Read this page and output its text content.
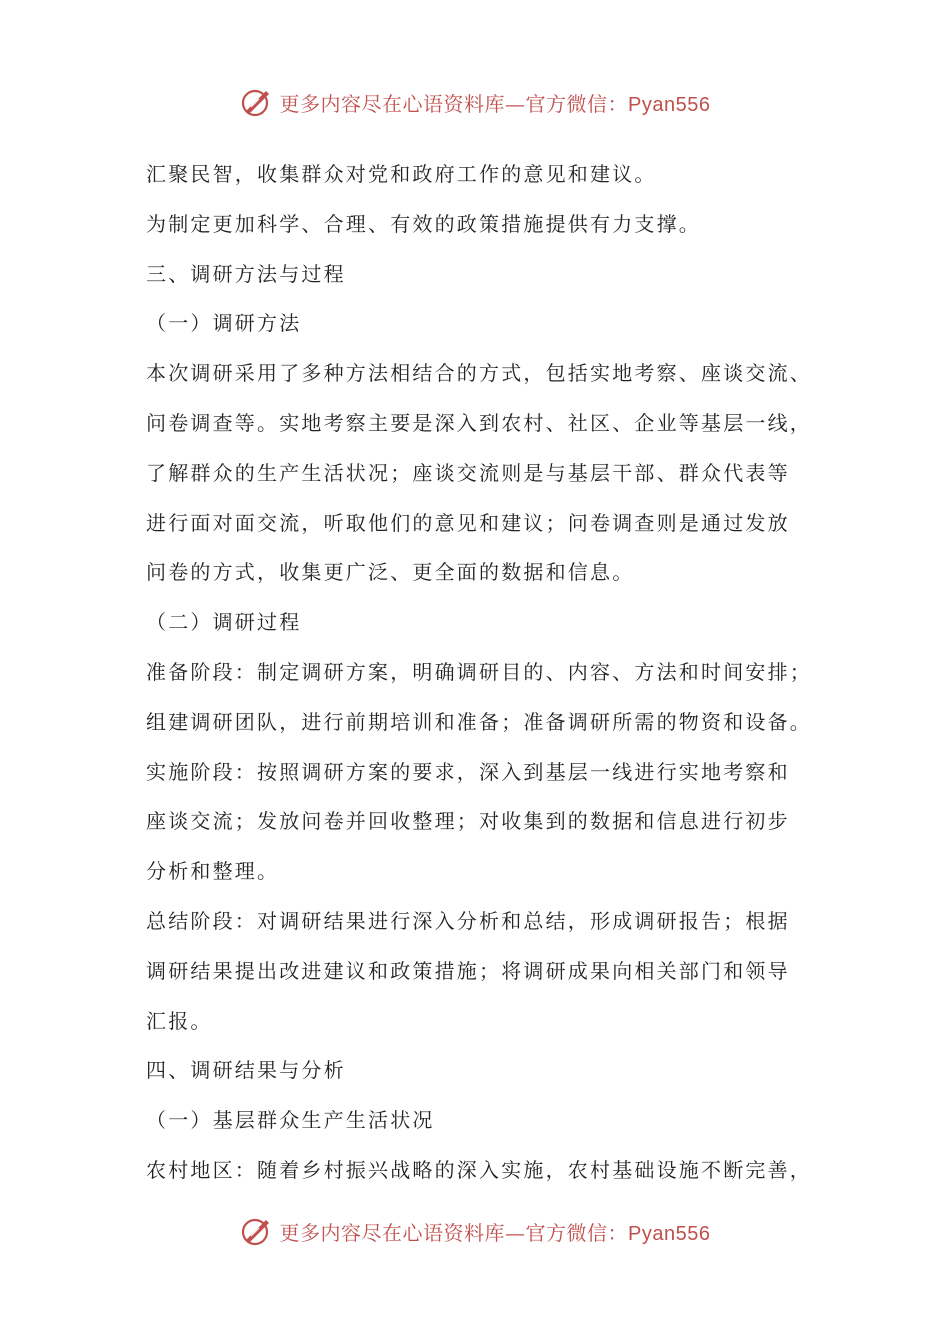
更多内容尽在心语资料库—官方微信：Pyan556
汇聚民智，收集群众对党和政府工作的意见和建议。
为制定更加科学、合理、有效的政策措施提供有力支撑。
三、调研方法与过程
（一）调研方法
本次调研采用了多种方法相结合的方式，包括实地考察、座谈交流、
问卷调查等。实地考察主要是深入到农村、社区、企业等基层一线，
了解群众的生产生活状况；座谈交流则是与基层干部、群众代表等
进行面对面交流，听取他们的意见和建议；问卷调查则是通过发放
问卷的方式，收集更广泛、更全面的数据和信息。
（二）调研过程
准备阶段：制定调研方案，明确调研目的、内容、方法和时间安排；
组建调研团队，进行前期培训和准备；准备调研所需的物资和设备。
实施阶段：按照调研方案的要求，深入到基层一线进行实地考察和
座谈交流；发放问卷并回收整理；对收集到的数据和信息进行初步
分析和整理。
总结阶段：对调研结果进行深入分析和总结，形成调研报告；根据
调研结果提出改进建议和政策措施；将调研成果向相关部门和领导
汇报。
四、调研结果与分析
（一）基层群众生产生活状况
农村地区：随着乡村振兴战略的深入实施，农村基础设施不断完善，
更多内容尽在心语资料库—官方微信：Pyan556
